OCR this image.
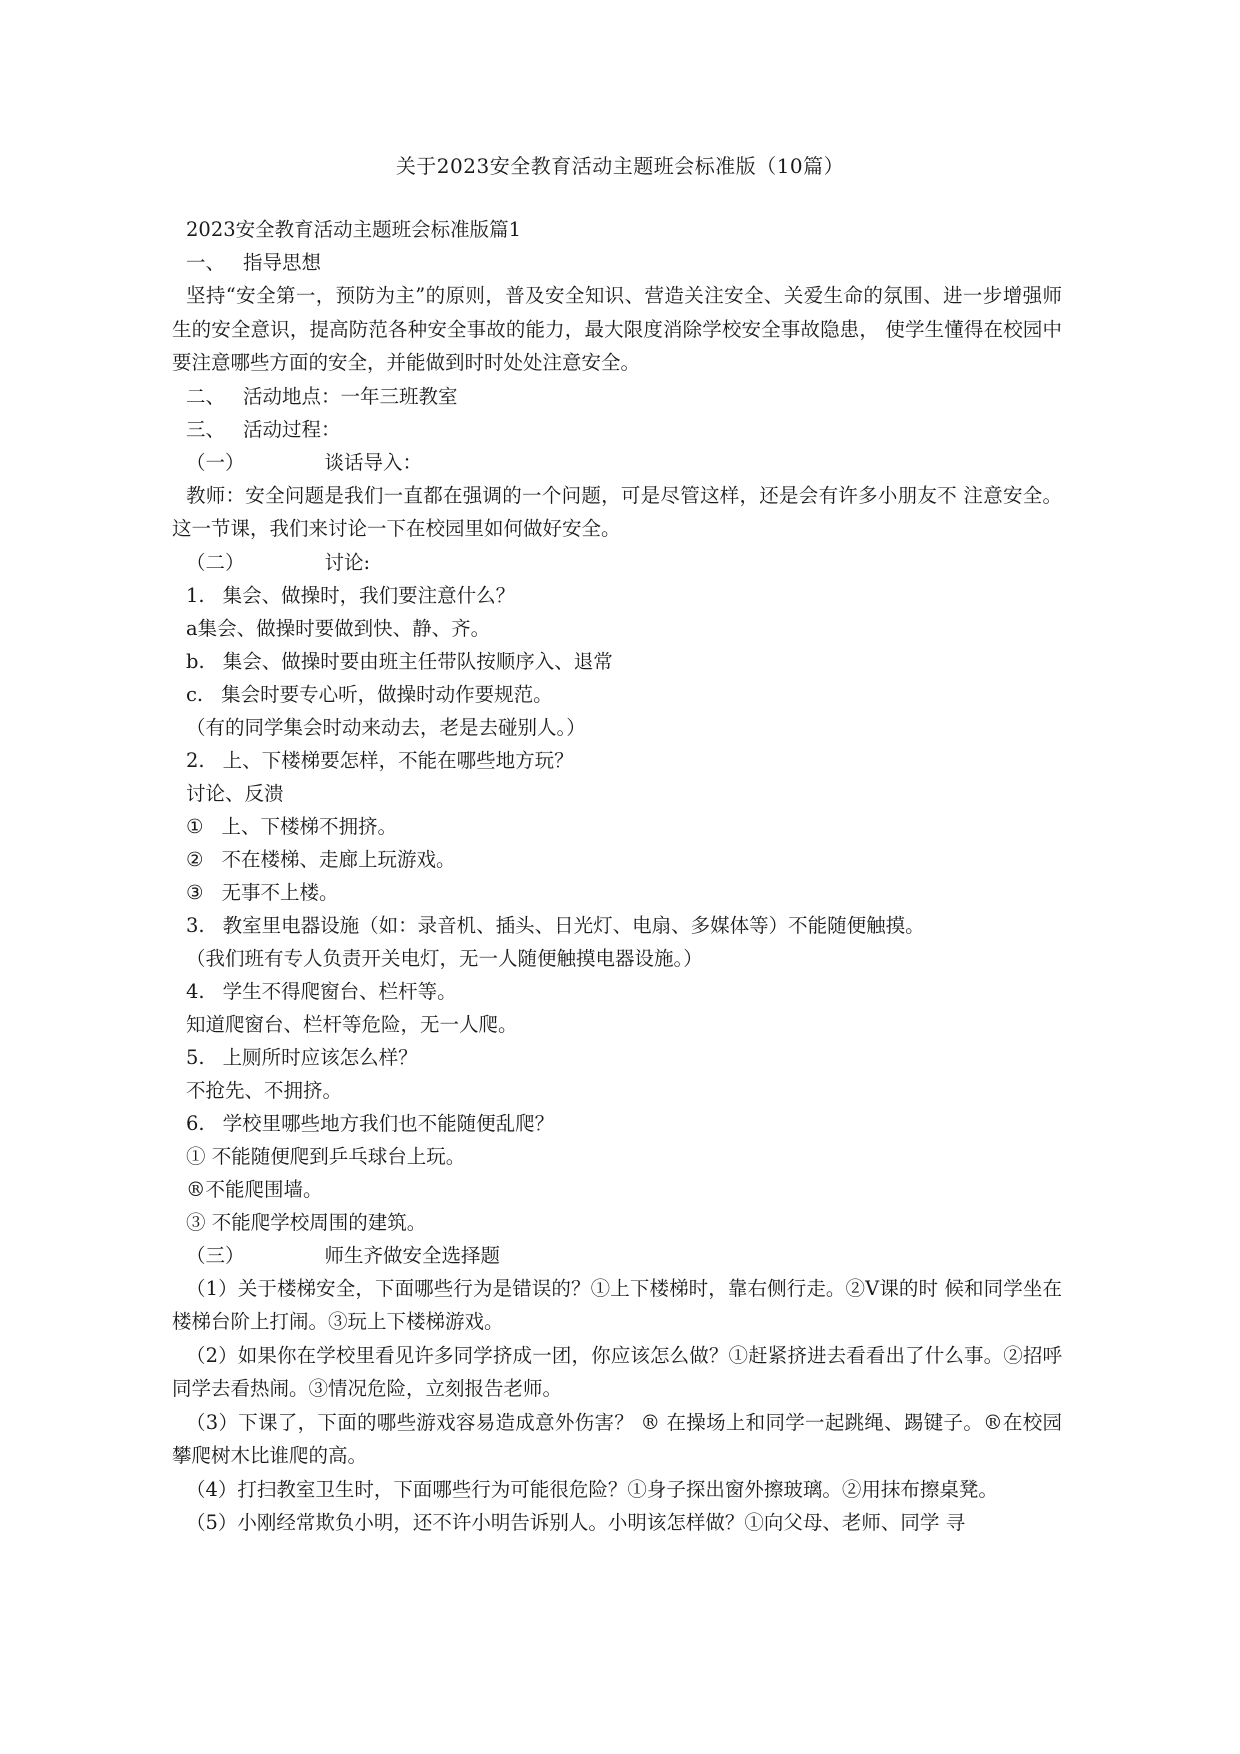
关于2023安全教育活动主题班会标准版（10篇）
2023安全教育活动主题班会标准版篇1
一、 指导思想
坚持“安全第一，预防为主”的原则，普及安全知识、营造关注安全、关爱生命的氛围、进一步增强师生的安全意识，提高防范各种安全事故的能力，最大限度消除学校安全事故隐患， 使学生懂得在校园中要注意哪些方面的安全，并能做到时时处处注意安全。
二、 活动地点：一年三班教室
三、 活动过程：
（一）	谈话导入：
教师：安全问题是我们一直都在强调的一个问题，可是尽管这样，还是会有许多小朋友不 注意安全。这一节课，我们来讨论一下在校园里如何做好安全。
（二）	讨论:
1. 集会、做操时，我们要注意什么？
a集会、做操时要做到快、静、齐。
b. 集会、做操时要由班主任带队按顺序入、退常
c. 集会时要专心听，做操时动作要规范。
（有的同学集会时动来动去，老是去碰别人。）
2. 上、下楼梯要怎样，不能在哪些地方玩？
讨论、反溃
① 上、下楼梯不拥挤。
② 不在楼梯、走廊上玩游戏。
③ 无事不上楼。
3. 教室里电器设施（如：录音机、插头、日光灯、电扇、多媒体等）不能随便触摸。
（我们班有专人负责开关电灯，无一人随便触摸电器设施。）
4. 学生不得爬窗台、栏杆等。
知道爬窗台、栏杆等危险，无一人爬。
5. 上厕所时应该怎么样？
不抢先、不拥挤。
6. 学校里哪些地方我们也不能随便乱爬？
① 不能随便爬到乒乓球台上玩。
®不能爬围墙。
③ 不能爬学校周围的建筑。
（三）	师生齐做安全选择题
（1）关于楼梯安全，下面哪些行为是错误的？①上下楼梯时，靠右侧行走。②Ⅴ课的时 候和同学坐在楼梯台阶上打闹。③玩上下楼梯游戏。
（2）如果你在学校里看见许多同学挤成一团，你应该怎么做？①赶紧挤进去看看出了什么事。②招呼同学去看热闹。③情况危险，立刻报告老师。
（3）下课了，下面的哪些游戏容易造成意外伤害？ ® 在操场上和同学一起跳绳、踢键子。®在校园攀爬树木比谁爬的高。
（4）打扫教室卫生时，下面哪些行为可能很危险？①身子探出窗外擦玻璃。②用抹布擦桌凳。
（5）小刚经常欺负小明，还不许小明告诉别人。小明该怎样做？①向父母、老师、同学 寻
